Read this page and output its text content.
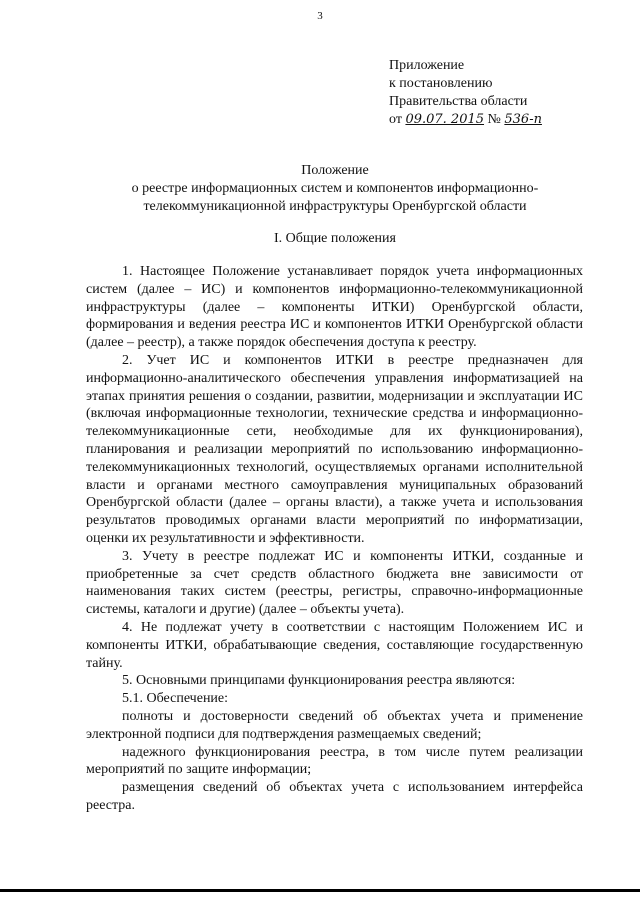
3
Приложение
к постановлению
Правительства области
от 09.07. 2015 № 536-п
Положение
о реестре информационных систем и компонентов информационно-телекоммуникационной инфраструктуры Оренбургской области
I. Общие положения

1. Настоящее Положение устанавливает порядок учета информационных систем (далее – ИС) и компонентов информационно-телекоммуникационной инфраструктуры (далее – компоненты ИТКИ) Оренбургской области, формирования и ведения реестра ИС и компонентов ИТКИ Оренбургской области (далее – реестр), а также порядок обеспечения доступа к реестру.

2. Учет ИС и компонентов ИТКИ в реестре предназначен для информационно-аналитического обеспечения управления информатизацией на этапах принятия решения о создании, развитии, модернизации и эксплуатации ИС (включая информационные технологии, технические средства и информационно-телекоммуникационные сети, необходимые для их функционирования), планирования и реализации мероприятий по использованию информационно-телекоммуникационных технологий, осуществляемых органами исполнительной власти и органами местного самоуправления муниципальных образований Оренбургской области (далее – органы власти), а также учета и использования результатов проводимых органами власти мероприятий по информатизации, оценки их результативности и эффективности.

3. Учету в реестре подлежат ИС и компоненты ИТКИ, созданные и приобретенные за счет средств областного бюджета вне зависимости от наименования таких систем (реестры, регистры, справочно-информационные системы, каталоги и другие) (далее – объекты учета).

4. Не подлежат учету в соответствии с настоящим Положением ИС и компоненты ИТКИ, обрабатывающие сведения, составляющие государственную тайну.

5. Основными принципами функционирования реестра являются:

5.1. Обеспечение:

полноты и достоверности сведений об объектах учета и применение электронной подписи для подтверждения размещаемых сведений;

надежного функционирования реестра, в том числе путем реализации мероприятий по защите информации;

размещения сведений об объектах учета с использованием интерфейса реестра.
